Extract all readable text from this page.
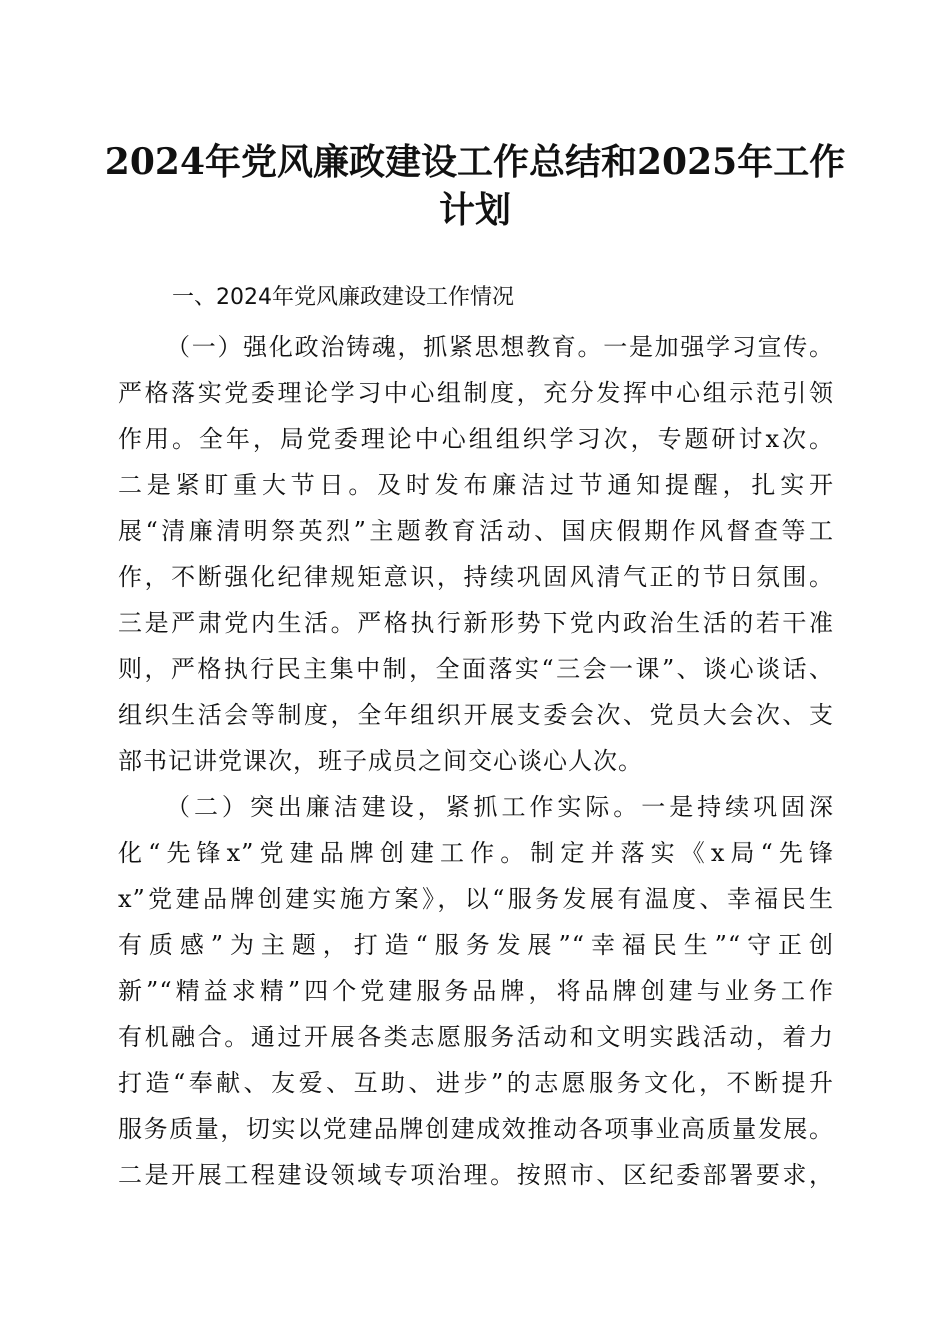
2024年党风廉政建设工作总结和2025年工作
计划
一、2024年党风廉政建设工作情况
（一）强化政治铸魂，抓紧思想教育。一是加强学习宣传。
严格落实党委理论学习中心组制度，充分发挥中心组示范引领
作用。全年，局党委理论中心组组织学习次，专题研讨x次。
二是紧盯重大节日。及时发布廉洁过节通知提醒，扎实开
展“清廉清明祭英烈”主题教育活动、国庆假期作风督查等工
作，不断强化纪律规矩意识，持续巩固风清气正的节日氛围。
三是严肃党内生活。严格执行新形势下党内政治生活的若干准
则，严格执行民主集中制，全面落实“三会一课”、谈心谈话、
组织生活会等制度，全年组织开展支委会次、党员大会次、支
部书记讲党课次，班子成员之间交心谈心人次。
（二）突出廉洁建设，紧抓工作实际。一是持续巩固深
化“先锋x”党建品牌创建工作。制定并落实《x局“先锋
x”党建品牌创建实施方案》，以“服务发展有温度、幸福民生
有质感”为主题，打造“服务发展”“幸福民生”“守正创
新”“精益求精”四个党建服务品牌，将品牌创建与业务工作
有机融合。通过开展各类志愿服务活动和文明实践活动，着力
打造“奉献、友爱、互助、进步”的志愿服务文化，不断提升
服务质量，切实以党建品牌创建成效推动各项事业高质量发展。
二是开展工程建设领域专项治理。按照市、区纪委部署要求，
